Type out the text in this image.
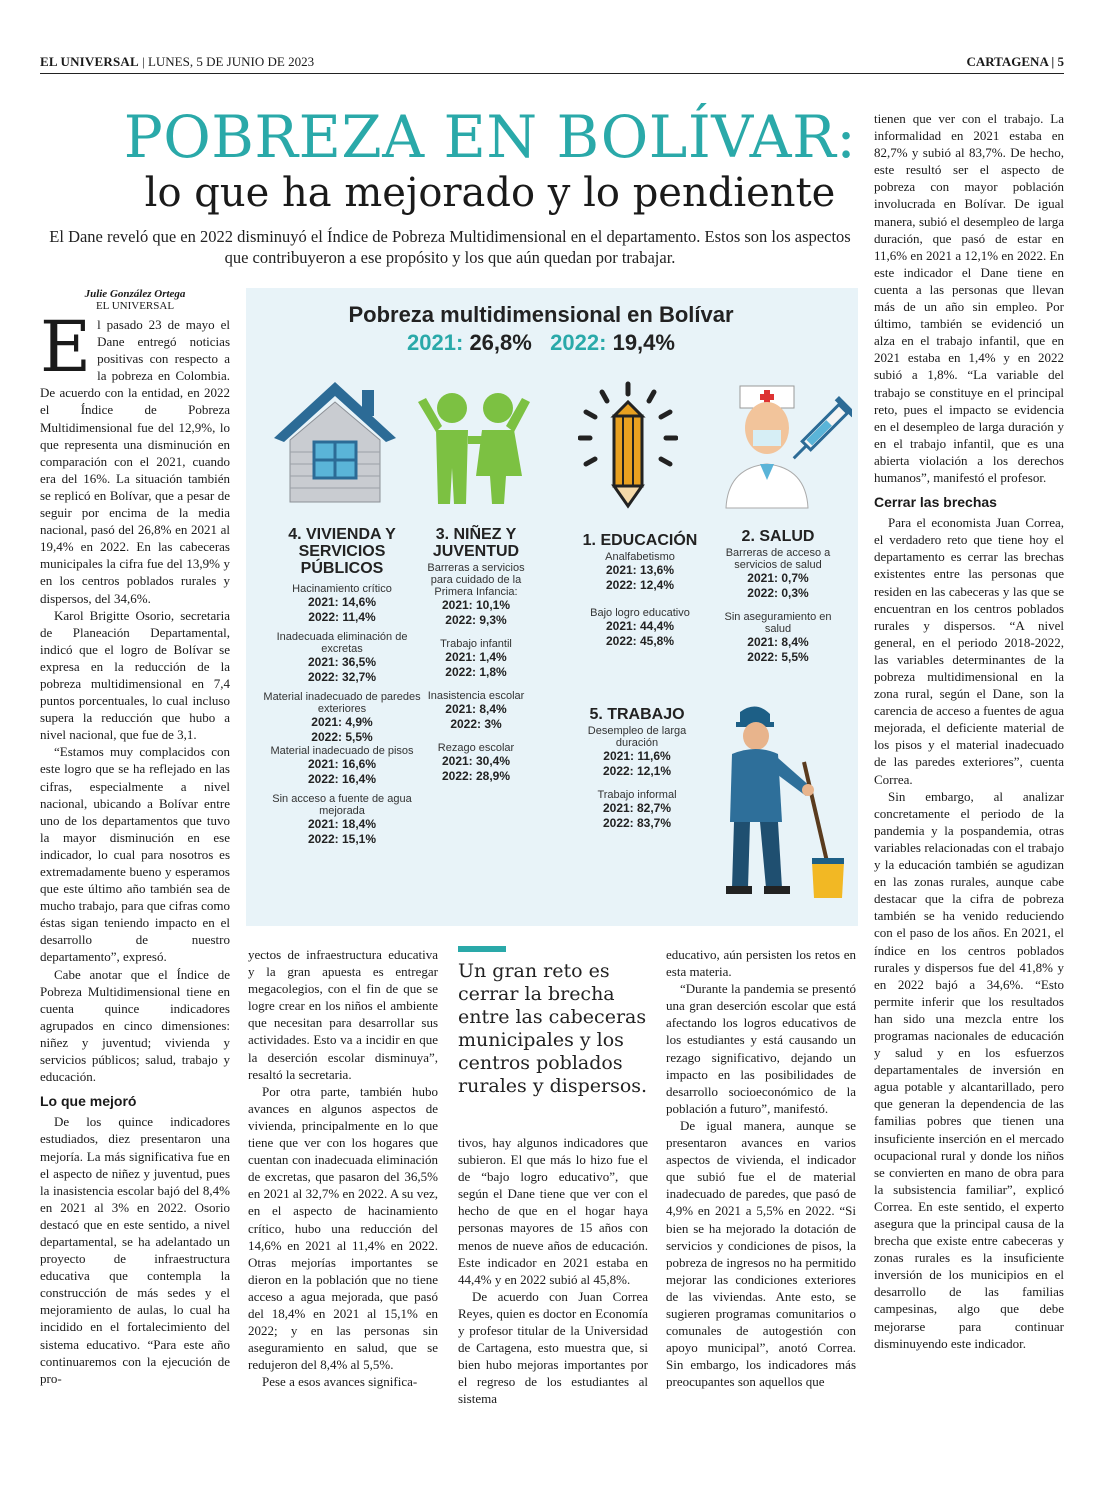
EL UNIVERSAL | LUNES, 5 DE JUNIO DE 2023	CARTAGENA | 5
POBREZA EN BOLÍVAR:
lo que ha mejorado y lo pendiente
El Dane reveló que en 2022 disminuyó el Índice de Pobreza Multidimensional en el departamento. Estos son los aspectos que contribuyeron a ese propósito y los que aún quedan por trabajar.
Julie González Ortega
EL UNIVERSAL

El pasado 23 de mayo el Dane entregó noticias positivas con respecto a la pobreza en Colombia. De acuerdo con la entidad, en 2022 el Índice de Pobreza Multidimensional fue del 12,9%, lo que representa una disminución en comparación con el 2021, cuando era del 16%. La situación también se replicó en Bolívar, que a pesar de seguir por encima de la media nacional, pasó del 26,8% en 2021 al 19,4% en 2022. En las cabeceras municipales la cifra fue del 13,9% y en los centros poblados rurales y dispersos, del 34,6%.

Karol Brigitte Osorio, secretaria de Planeación Departamental, indicó que el logro de Bolívar se expresa en la reducción de la pobreza multidimensional en 7,4 puntos porcentuales, lo cual incluso supera la reducción que hubo a nivel nacional, que fue de 3,1.

“Estamos muy complacidos con este logro que se ha reflejado en las cifras, especialmente a nivel nacional, ubicando a Bolívar entre uno de los departamentos que tuvo la mayor disminución en ese indicador, lo cual para nosotros es extremadamente bueno y esperamos que este último año también sea de mucho trabajo, para que cifras como éstas sigan teniendo impacto en el desarrollo de nuestro departamento”, expresó.

Cabe anotar que el Índice de Pobreza Multidimensional tiene en cuenta quince indicadores agrupados en cinco dimensiones: niñez y juventud; vivienda y servicios públicos; salud, trabajo y educación.

Lo que mejoró

De los quince indicadores estudiados, diez presentaron una mejoría. La más significativa fue en el aspecto de niñez y juventud, pues la inasistencia escolar bajó del 8,4% en 2021 al 3% en 2022. Osorio destacó que en este sentido, a nivel departamental, se ha adelantado un proyecto de infraestructura educativa que contempla la construcción de más sedes y el mejoramiento de aulas, lo cual ha incidido en el fortalecimiento del sistema educativo. “Para este año continuaremos con la ejecución de pro-

Pobreza multidimensional en Bolívar
2021: 26,8% 2022: 19,4%
4. VIVIENDA Y SERVICIOS PÚBLICOS
Hacinamiento crítico
2021: 14,6%
2022: 11,4%
Inadecuada eliminación de excretas
2021: 36,5%
2022: 32,7%
Material inadecuado de paredes exteriores
2021: 4,9%
2022: 5,5%
Material inadecuado de pisos
2021: 16,6%
2022: 16,4%
Sin acceso a fuente de agua mejorada
2021: 18,4%
2022: 15,1%
3. NIÑEZ Y JUVENTUD
Barreras a servicios para cuidado de la Primera Infancia:
2021: 10,1%
2022: 9,3%
Trabajo infantil
2021: 1,4%
2022: 1,8%
Inasistencia escolar
2021: 8,4%
2022: 3%
Rezago escolar
2021: 30,4%
2022: 28,9%
1. EDUCACIÓN
Analfabetismo
2021: 13,6%
2022: 12,4%
Bajo logro educativo
2021: 44,4%
2022: 45,8%
2. SALUD
Barreras de acceso a servicios de salud
2021: 0,7%
2022: 0,3%
Sin aseguramiento en salud
2021: 8,4%
2022: 5,5%
5. TRABAJO
Desempleo de larga duración
2021: 11,6%
2022: 12,1%
Trabajo informal
2021: 82,7%
2022: 83,7%

yectos de infraestructura educativa y la gran apuesta es entregar megacolegios, con el fin de que se logre crear en los niños el ambiente que necesitan para desarrollar sus actividades. Esto va a incidir en que la deserción escolar disminuya”, resaltó la secretaria.

Por otra parte, también hubo avances en algunos aspectos de vivienda, principalmente en lo que tiene que ver con los hogares que cuentan con inadecuada eliminación de excretas, que pasaron del 36,5% en 2021 al 32,7% en 2022. A su vez, en el aspecto de hacinamiento crítico, hubo una reducción del 14,6% en 2021 al 11,4% en 2022. Otras mejorías importantes se dieron en la población que no tiene acceso a agua mejorada, que pasó del 18,4% en 2021 al 15,1% en 2022; y en las personas sin aseguramiento en salud, que se redujeron del 8,4% al 5,5%.

Pese a esos avances significa-

Un gran reto es cerrar la brecha entre las cabeceras municipales y los centros poblados rurales y dispersos.

tivos, hay algunos indicadores que subieron. El que más lo hizo fue el de “bajo logro educativo”, que según el Dane tiene que ver con el hecho de que en el hogar haya personas mayores de 15 años con menos de nueve años de educación. Este indicador en 2021 estaba en 44,4% y en 2022 subió al 45,8%.

De acuerdo con Juan Correa Reyes, quien es doctor en Economía y profesor titular de la Universidad de Cartagena, esto muestra que, si bien hubo mejoras importantes por el regreso de los estudiantes al sistema

educativo, aún persisten los retos en esta materia.

“Durante la pandemia se presentó una gran deserción escolar que está afectando los logros educativos de los estudiantes y está causando un rezago significativo, dejando un impacto en las posibilidades de desarrollo socioeconómico de la población a futuro”, manifestó.

De igual manera, aunque se presentaron avances en varios aspectos de vivienda, el indicador que subió fue el de material inadecuado de paredes, que pasó de 4,9% en 2021 a 5,5% en 2022. “Si bien se ha mejorado la dotación de servicios y condiciones de pisos, la pobreza de ingresos no ha permitido mejorar las condiciones exteriores de las viviendas. Ante esto, se sugieren programas comunitarios o comunales de autogestión con apoyo municipal”, anotó Correa. Sin embargo, los indicadores más preocupantes son aquellos que

tienen que ver con el trabajo. La informalidad en 2021 estaba en 82,7% y subió al 83,7%. De hecho, este resultó ser el aspecto de pobreza con mayor población involucrada en Bolívar. De igual manera, subió el desempleo de larga duración, que pasó de estar en 11,6% en 2021 a 12,1% en 2022. En este indicador el Dane tiene en cuenta a las personas que llevan más de un año sin empleo. Por último, también se evidenció un alza en el trabajo infantil, que en 2021 estaba en 1,4% y en 2022 subió a 1,8%. “La variable del trabajo se constituye en el principal reto, pues el impacto se evidencia en el desempleo de larga duración y en el trabajo infantil, que es una abierta violación a los derechos humanos”, manifestó el profesor.

Cerrar las brechas

Para el economista Juan Correa, el verdadero reto que tiene hoy el departamento es cerrar las brechas existentes entre las personas que residen en las cabeceras y las que se encuentran en los centros poblados rurales y dispersos. “A nivel general, en el periodo 2018-2022, las variables determinantes de la pobreza multidimensional en la zona rural, según el Dane, son la carencia de acceso a fuentes de agua mejorada, el deficiente material de los pisos y el material inadecuado de las paredes exteriores”, cuenta Correa.

Sin embargo, al analizar concretamente el periodo de la pandemia y la pospandemia, otras variables relacionadas con el trabajo y la educación también se agudizan en las zonas rurales, aunque cabe destacar que la cifra de pobreza también se ha venido reduciendo con el paso de los años. En 2021, el índice en los centros poblados rurales y dispersos fue del 41,8% y en 2022 bajó a 34,6%. “Esto permite inferir que los resultados han sido una mezcla entre los programas nacionales de educación y salud y en los esfuerzos departamentales de inversión en agua potable y alcantarillado, pero que generan la dependencia de las familias pobres que tienen una insuficiente inserción en el mercado ocupacional rural y donde los niños se convierten en mano de obra para la subsistencia familiar”, explicó Correa. En este sentido, el experto asegura que la principal causa de la brecha que existe entre cabeceras y zonas rurales es la insuficiente inversión de los municipios en el desarrollo de las familias campesinas, algo que debe mejorarse para continuar disminuyendo este indicador.
